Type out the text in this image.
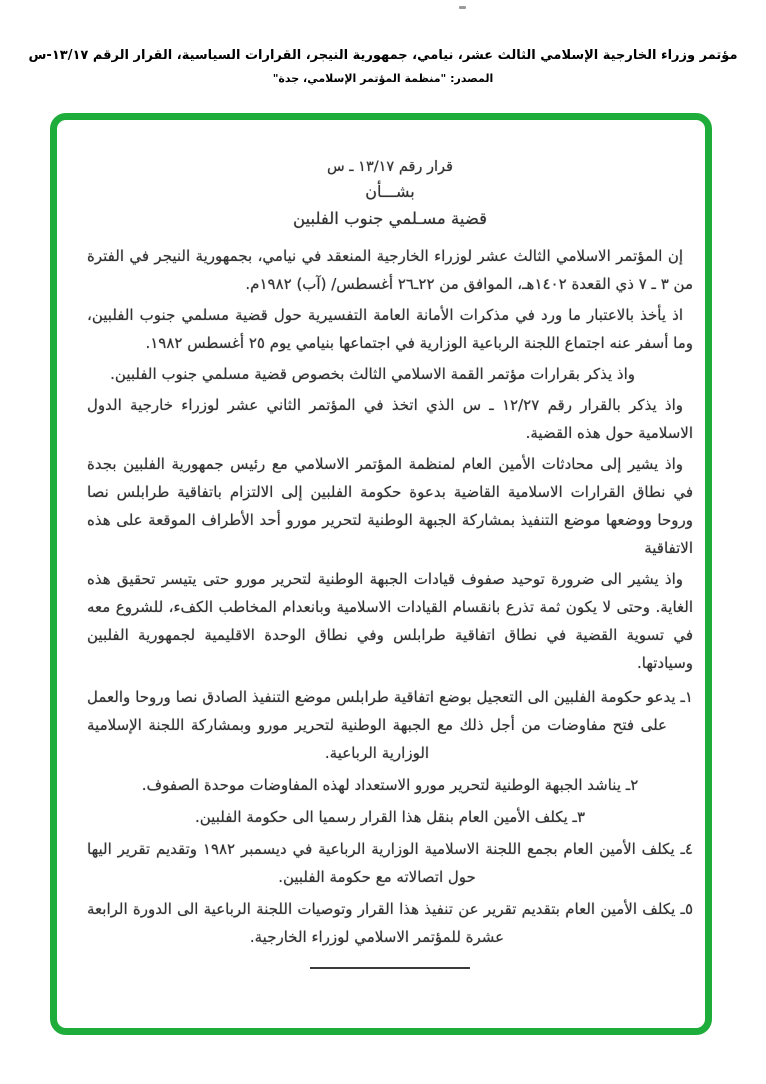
مؤتمر وزراء الخارجية الإسلامي الثالث عشر، نيامي، جمهورية النيجر، القرارات السياسية، القرار الرقم ١٣/١٧-س
المصدر: "منظمة المؤتمر الإسلامي، جدة"
قرار رقم ١٣/١٧ ـ س
بشـــأن
قضية مسـلمي جنوب الفلبين

إن المؤتمر الاسلامي الثالث عشر لوزراء الخارجية المنعقد في نيامي، بجمهورية النيجر في الفترة من ٣ ـ ٧ ذي القعدة ١٤٠٢هـ، الموافق من ٢٢ـ٢٦ أغسطس/ (آب) ١٩٨٢م.

اذ يأخذ بالاعتبار ما ورد في مذكرات الأمانة العامة التفسيرية حول قضية مسلمي جنوب الفلبين، وما أسفر عنه اجتماع اللجنة الرباعية الوزارية في اجتماعها بنيامي يوم ٢٥ أغسطس ١٩٨٢.

واذ يذكر بقرارات مؤتمر القمة الاسلامي الثالث بخصوص قضية مسلمي جنوب الفلبين.

واذ يذكر بالقرار رقم ١٢/٢٧ ـ س الذي اتخذ في المؤتمر الثاني عشر لوزراء خارجية الدول الاسلامية حول هذه القضية.

واذ يشير إلى محادثات الأمين العام لمنظمة المؤتمر الاسلامي مع رئيس جمهورية الفلبين بجدة في نطاق القرارات الاسلامية القاضية بدعوة حكومة الفلبين إلى الالتزام باتفاقية طرابلس نصا وروحا ووضعها موضع التنفيذ بمشاركة الجبهة الوطنية لتحرير مورو أحد الأطراف الموقعة على هذه الاتفاقية

واذ يشير الى ضرورة توحيد صفوف قيادات الجبهة الوطنية لتحرير مورو حتى يتيسر تحقيق هذه الغاية. وحتى لا يكون ثمة تذرع بانقسام القيادات الاسلامية وبانعدام المخاطب الكفء، للشروع معه في تسوية القضية في نطاق اتفاقية طرابلس وفي نطاق الوحدة الاقليمية لجمهورية الفلبين وسيادتها.

١ـ يدعو حكومة الفلبين الى التعجيل بوضع اتفاقية طرابلس موضع التنفيذ الصادق نصا وروحا والعمل على فتح مفاوضات من أجل ذلك مع الجبهة الوطنية لتحرير مورو وبمشاركة اللجنة الإسلامية الوزارية الرباعية.
٢ـ يناشد الجبهة الوطنية لتحرير مورو الاستعداد لهذه المفاوضات موحدة الصفوف.
٣ـ يكلف الأمين العام بنقل هذا القرار رسميا الى حكومة الفلبين.
٤ـ يكلف الأمين العام بجمع اللجنة الاسلامية الوزارية الرباعية في ديسمبر ١٩٨٢ وتقديم تقرير اليها حول اتصالاته مع حكومة الفلبين.
٥ـ يكلف الأمين العام بتقديم تقرير عن تنفيذ هذا القرار وتوصيات اللجنة الرباعية الى الدورة الرابعة عشرة للمؤتمر الاسلامي لوزراء الخارجية.
